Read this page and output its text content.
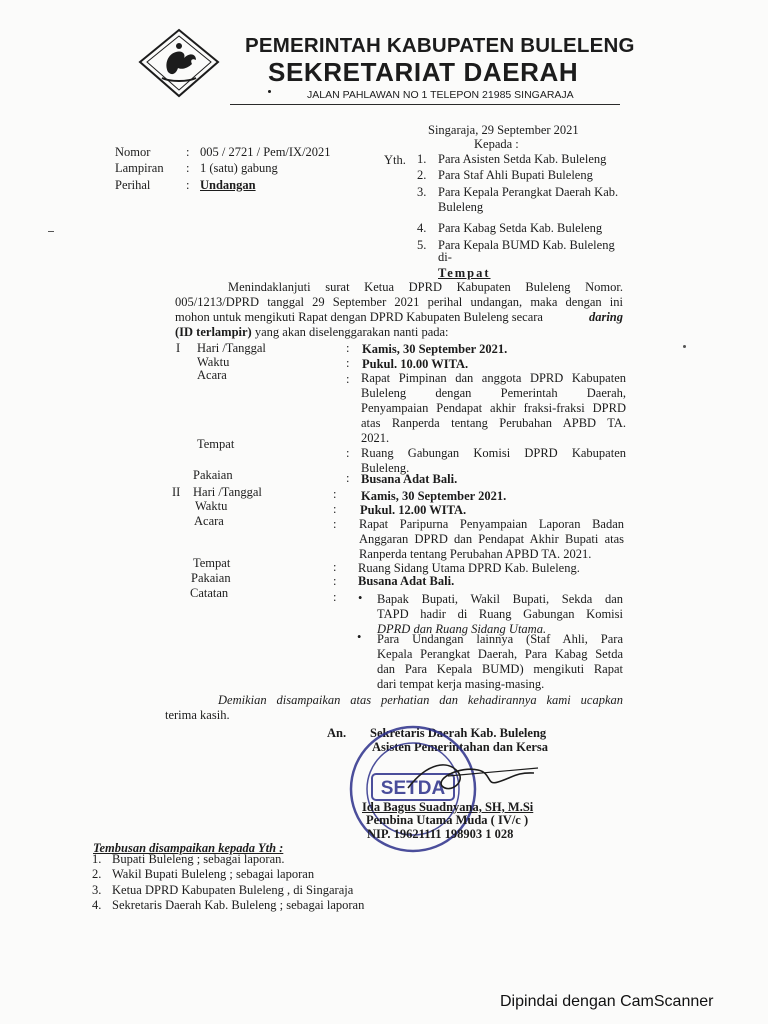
PEMERINTAH KABUPATEN BULELENG
SEKRETARIAT DAERAH
JALAN PAHLAWAN NO 1 TELEPON 21985 SINGARAJA
Singaraja, 29 September 2021
Kepada :
Yth. 1. Para Asisten Setda Kab. Buleleng
2. Para Staf Ahli Bupati Buleleng
3. Para Kepala Perangkat Daerah Kab. Buleleng
4. Para Kabag Setda Kab. Buleleng
5. Para Kepala BUMD Kab. Buleleng
di-
Tempat
Nomor	: 005 / 2721 / Pem/IX/2021
Lampiran	: 1 (satu) gabung
Perihal	: Undangan
Menindaklanjuti surat Ketua DPRD Kabupaten Buleleng Nomor.
005/1213/DPRD tanggal 29 September 2021 perihal undangan, maka dengan ini
mohon untuk mengikuti Rapat dengan DPRD Kabupaten Buleleng secara	daring
(ID terlampir) yang akan diselenggarakan nanti pada:
I Hari /Tanggal	: Kamis, 30 September 2021.
Waktu	: Pukul. 10.00 WITA.
Acara	: Rapat Pimpinan dan anggota DPRD Kabupaten
Buleleng dengan Pemerintah Daerah,
Penyampaian Pendapat akhir fraksi-fraksi DPRD
atas Ranperda tentang Perubahan APBD TA.
2021.
Tempat
: Ruang Gabungan Komisi DPRD Kabupaten
Buleleng.
Pakaian	: Busana Adat Bali.
II Hari /Tanggal	: Kamis, 30 September 2021.
Waktu	: Pukul. 12.00 WITA.
Acara	: Rapat Paripurna Penyampaian Laporan Badan
Anggaran DPRD dan Pendapat Akhir Bupati atas
Ranperda tentang Perubahan APBD TA. 2021.
Tempat	: Ruang Sidang Utama DPRD Kab. Buleleng.
Pakaian	: Busana Adat Bali.
Catatan	: • Bapak Bupati, Wakil Bupati, Sekda dan
TAPD hadir di Ruang Gabungan Komisi
DPRD dan Ruang Sidang Utama.
• Para Undangan lainnya (Staf Ahli, Para
Kepala Perangkat Daerah, Para Kabag Setda
dan Para Kepala BUMD) mengikuti Rapat
dari tempat kerja masing-masing.
Demikian disampaikan atas perhatian dan kehadirannya kami ucapkan
terima kasih.
An. Sekretaris Daerah Kab. Buleleng
Asisten Pemerintahan dan Kersa
SETDA
Ida Bagus Suadnyana, SH, M.Si
Pembina Utama Muda ( IV/c )
NIP. 19621111 198903 1 028
Tembusan disampaikan kepada Yth :
1. Bupati Buleleng ; sebagai laporan.
2. Wakil Bupati Buleleng ; sebagai laporan
3. Ketua DPRD Kabupaten Buleleng , di Singaraja
4. Sekretaris Daerah Kab. Buleleng ; sebagai laporan
Dipindai dengan CamScanner
